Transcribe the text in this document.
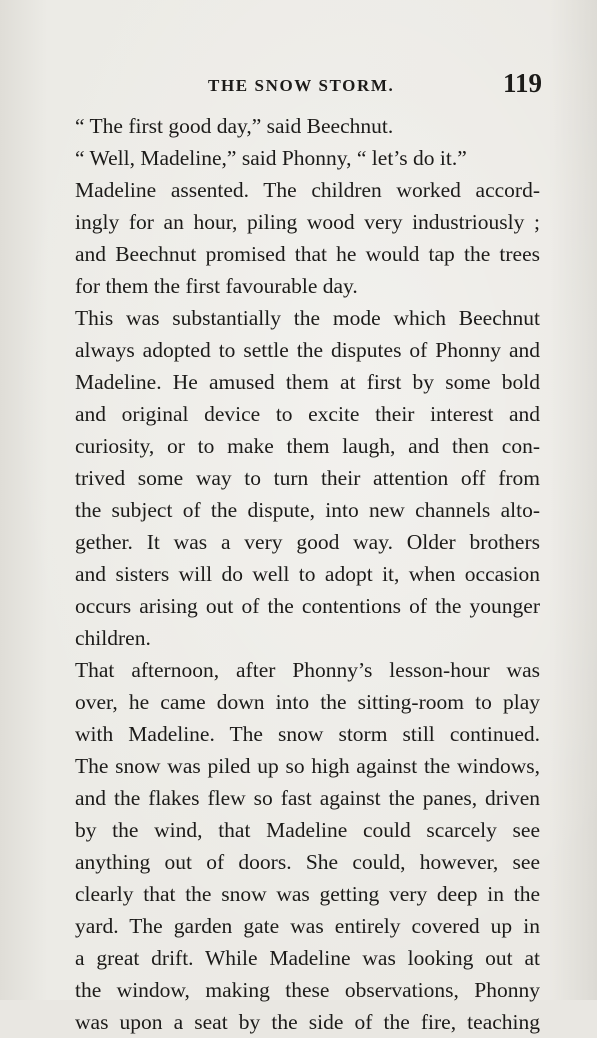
THE SNOW STORM.	119
“ The first good day,” said Beechnut.
“ Well, Madeline,” said Phonny, “ let’s do it.”
Madeline assented. The children worked accord-
ingly for an hour, piling wood very industriously ;
and Beechnut promised that he would tap the trees
for them the first favourable day.
This was substantially the mode which Beechnut
always adopted to settle the disputes of Phonny and
Madeline. He amused them at first by some bold
and original device to excite their interest and
curiosity, or to make them laugh, and then con-
trived some way to turn their attention off from
the subject of the dispute, into new channels alto-
gether. It was a very good way. Older brothers
and sisters will do well to adopt it, when occasion
occurs arising out of the contentions of the younger
children.
That afternoon, after Phonny’s lesson-hour was
over, he came down into the sitting-room to play
with Madeline. The snow storm still continued.
The snow was piled up so high against the windows,
and the flakes flew so fast against the panes, driven
by the wind, that Madeline could scarcely see
anything out of doors. She could, however, see
clearly that the snow was getting very deep in the
yard. The garden gate was entirely covered up in
a great drift. While Madeline was looking out at
the window, making these observations, Phonny
was upon a seat by the side of the fire, teaching
